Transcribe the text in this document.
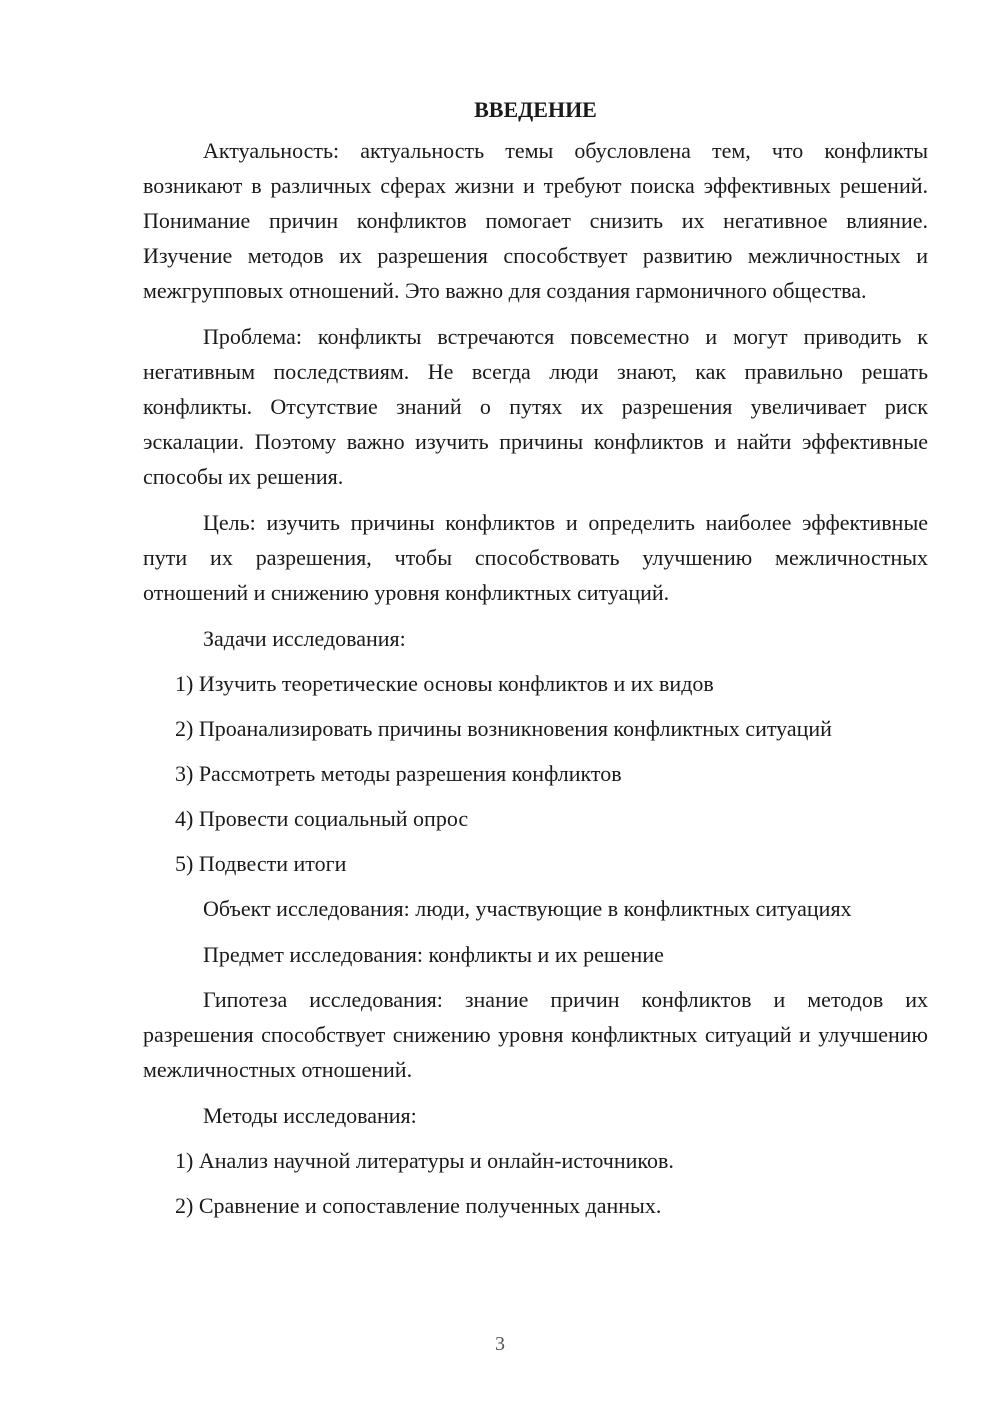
ВВЕДЕНИЕ

Актуальность: актуальность темы обусловлена тем, что конфликты возникают в различных сферах жизни и требуют поиска эффективных решений. Понимание причин конфликтов помогает снизить их негативное влияние. Изучение методов их разрешения способствует развитию межличностных и межгрупповых отношений. Это важно для создания гармоничного общества.

Проблема: конфликты встречаются повсеместно и могут приводить к негативным последствиям. Не всегда люди знают, как правильно решать конфликты. Отсутствие знаний о путях их разрешения увеличивает риск эскалации. Поэтому важно изучить причины конфликтов и найти эффективные способы их решения.

Цель: изучить причины конфликтов и определить наиболее эффективные пути их разрешения, чтобы способствовать улучшению межличностных отношений и снижению уровня конфликтных ситуаций.

Задачи исследования:

1) Изучить теоретические основы конфликтов и их видов

2) Проанализировать причины возникновения конфликтных ситуаций

3) Рассмотреть методы разрешения конфликтов

4) Провести социальный опрос

5) Подвести итоги

Объект исследования: люди, участвующие в конфликтных ситуациях

Предмет исследования: конфликты и их решение

Гипотеза исследования: знание причин конфликтов и методов их разрешения способствует снижению уровня конфликтных ситуаций и улучшению межличностных отношений.

Методы исследования:

1) Анализ научной литературы и онлайн-источников.

2) Сравнение и сопоставление полученных данных.

3
